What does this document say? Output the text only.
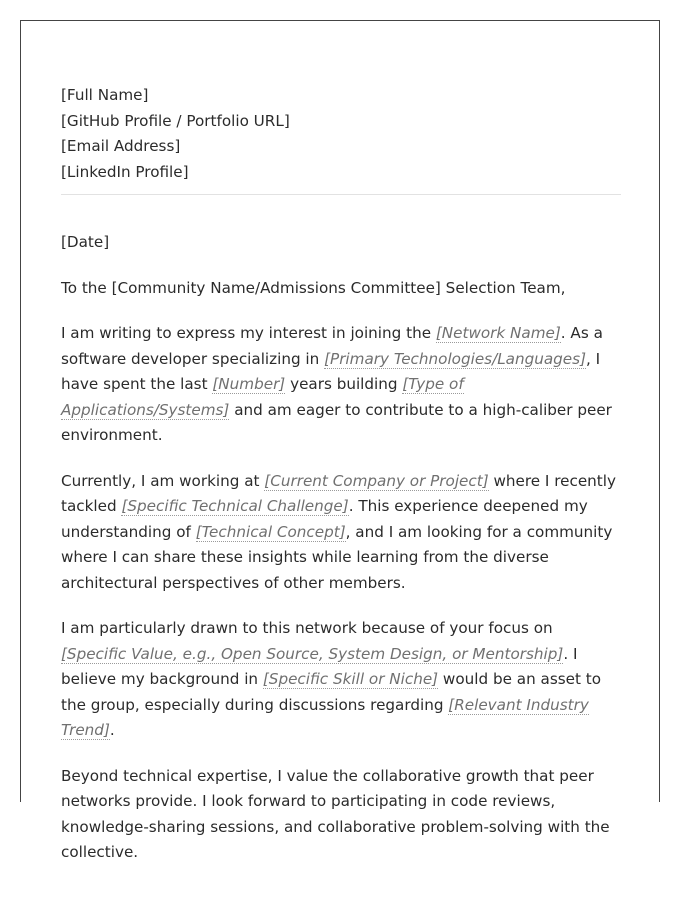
[Full Name]

[GitHub Profile / Portfolio URL]

[Email Address]

[LinkedIn Profile]

[Date]

To the [Community Name/Admissions Committee] Selection Team,

I am writing to express my interest in joining the [Network Name]. As a software developer specializing in [Primary Technologies/Languages], I have spent the last [Number] years building [Type of Applications/Systems] and am eager to contribute to a high-caliber peer environment.

Currently, I am working at [Current Company or Project] where I recently tackled [Specific Technical Challenge]. This experience deepened my understanding of [Technical Concept], and I am looking for a community where I can share these insights while learning from the diverse architectural perspectives of other members.

I am particularly drawn to this network because of your focus on [Specific Value, e.g., Open Source, System Design, or Mentorship]. I believe my background in [Specific Skill or Niche] would be an asset to the group, especially during discussions regarding [Relevant Industry Trend].

Beyond technical expertise, I value the collaborative growth that peer networks provide. I look forward to participating in code reviews, knowledge-sharing sessions, and collaborative problem-solving with the collective.
